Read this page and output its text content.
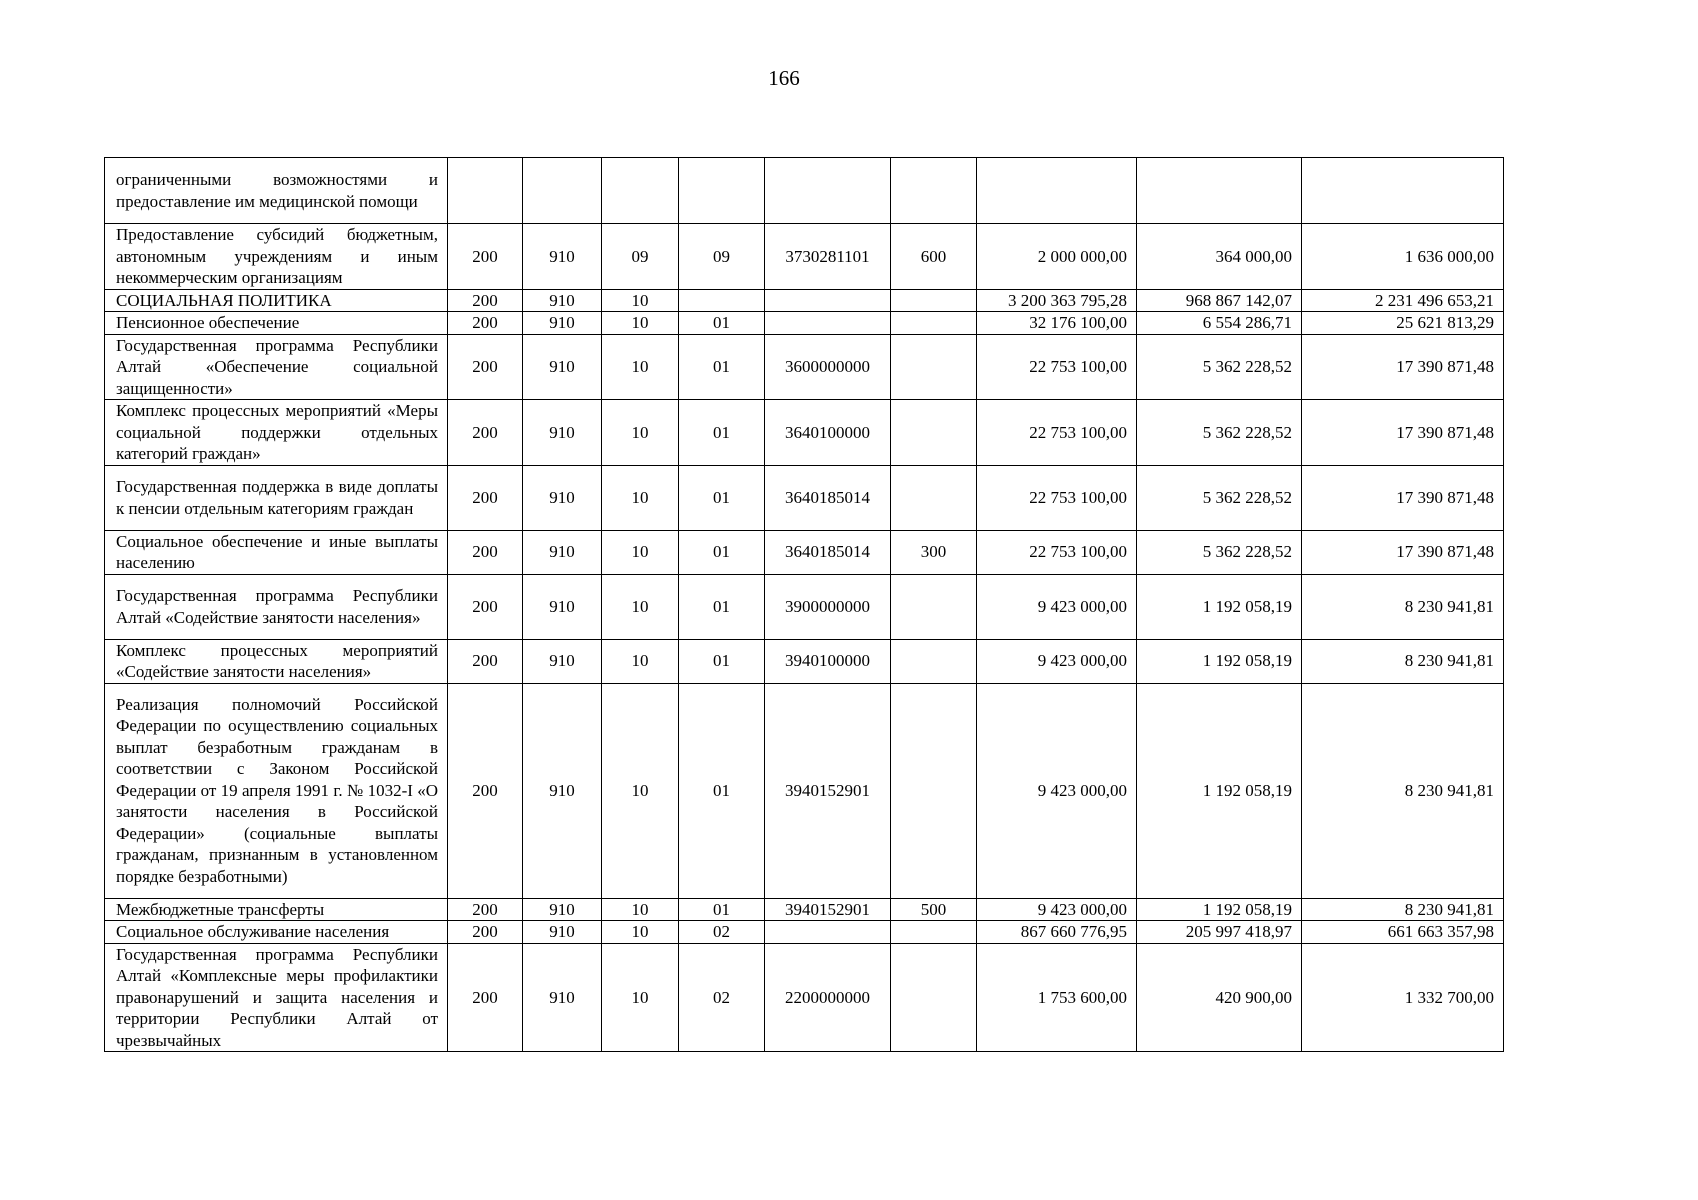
166
ограниченными возможностями и предоставление им медицинской помощи									
Предоставление субсидий бюджетным, автономным учреждениям и иным некоммерческим организациям	200	910	09	09	3730281101	600	2 000 000,00	364 000,00	1 636 000,00
СОЦИАЛЬНАЯ ПОЛИТИКА	200	910	10				3 200 363 795,28	968 867 142,07	2 231 496 653,21
Пенсионное обеспечение	200	910	10	01			32 176 100,00	6 554 286,71	25 621 813,29
Государственная программа Республики Алтай «Обеспечение социальной защищенности»	200	910	10	01	3600000000		22 753 100,00	5 362 228,52	17 390 871,48
Комплекс процессных мероприятий «Меры социальной поддержки отдельных категорий граждан»	200	910	10	01	3640100000		22 753 100,00	5 362 228,52	17 390 871,48
Государственная поддержка в виде доплаты к пенсии отдельным категориям граждан	200	910	10	01	3640185014		22 753 100,00	5 362 228,52	17 390 871,48
Социальное обеспечение и иные выплаты населению	200	910	10	01	3640185014	300	22 753 100,00	5 362 228,52	17 390 871,48
Государственная программа Республики Алтай «Содействие занятости населения»	200	910	10	01	3900000000		9 423 000,00	1 192 058,19	8 230 941,81
Комплекс процессных мероприятий «Содействие занятости населения»	200	910	10	01	3940100000		9 423 000,00	1 192 058,19	8 230 941,81
Реализация полномочий Российской Федерации по осуществлению социальных выплат безработным гражданам в соответствии с Законом Российской Федерации от 19 апреля 1991 г. № 1032-I «О занятости населения в Российской Федерации» (социальные выплаты гражданам, признанным в установленном порядке безработными)	200	910	10	01	3940152901		9 423 000,00	1 192 058,19	8 230 941,81
Межбюджетные трансферты	200	910	10	01	3940152901	500	9 423 000,00	1 192 058,19	8 230 941,81
Социальное обслуживание населения	200	910	10	02			867 660 776,95	205 997 418,97	661 663 357,98
Государственная программа Республики Алтай «Комплексные меры профилактики правонарушений и защита населения и территории Республики Алтай от чрезвычайных	200	910	10	02	2200000000		1 753 600,00	420 900,00	1 332 700,00
